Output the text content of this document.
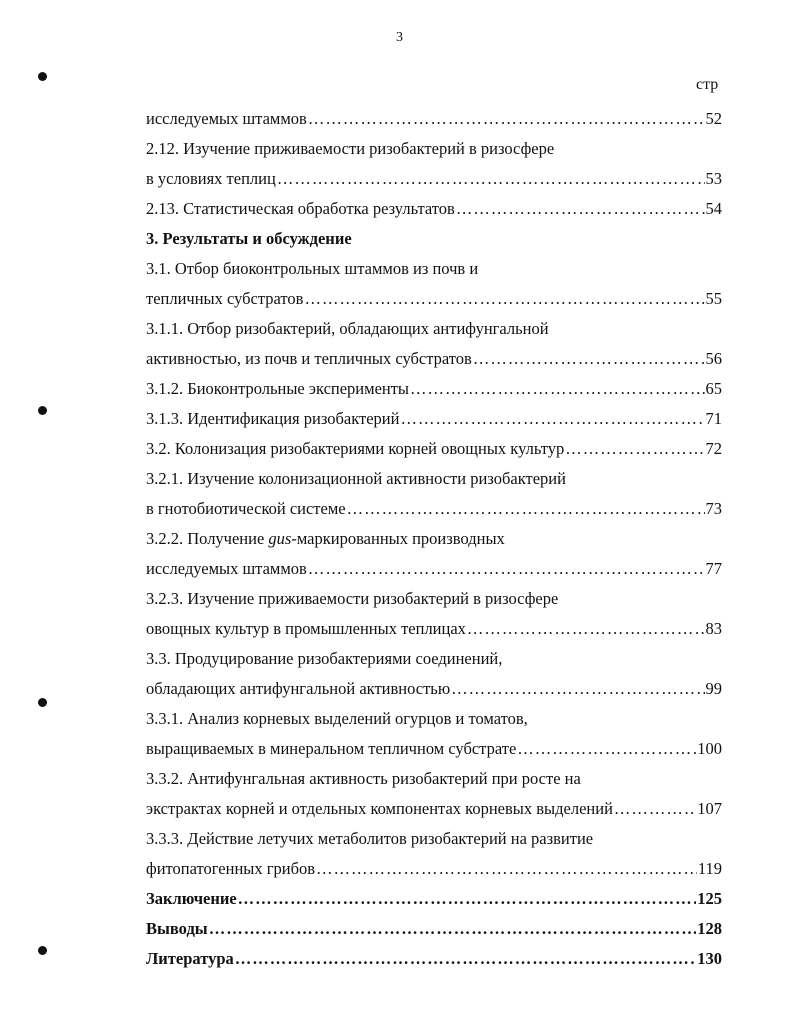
3
стр
исследуемых штаммов …………………………………………………………………………………………………………………………………………………………	52
2.12. Изучение приживаемости ризобактерий в ризосфере
в условиях теплиц …………………………………………………………………………………………………………………………………………………………	53
2.13. Статистическая обработка результатов …………………………………………………………………………………………………………………………………………………………	54
3. Результаты и обсуждение
3.1. Отбор биоконтрольных штаммов из почв и
тепличных субстратов …………………………………………………………………………………………………………………………………………………………	55
3.1.1. Отбор ризобактерий, обладающих антифунгальной
активностью, из почв и тепличных субстратов …………………………………………………………………………………………………………………………………………………………	56
3.1.2. Биоконтрольные эксперименты …………………………………………………………………………………………………………………………………………………………	65
3.1.3. Идентификация ризобактерий …………………………………………………………………………………………………………………………………………………………	71
3.2. Колонизация ризобактериями корней овощных культур …………………………………………………………………………………………………………………………………………………………	72
3.2.1. Изучение колонизационной активности ризобактерий
в гнотобиотической системе …………………………………………………………………………………………………………………………………………………………	73
3.2.2. Получение gus-маркированных производных
исследуемых штаммов …………………………………………………………………………………………………………………………………………………………	77
3.2.3. Изучение приживаемости ризобактерий в ризосфере
овощных культур в промышленных теплицах …………………………………………………………………………………………………………………………………………………………	83
3.3. Продуцирование ризобактериями соединений,
обладающих антифунгальной активностью …………………………………………………………………………………………………………………………………………………………	99
3.3.1. Анализ корневых выделений огурцов и томатов,
выращиваемых в минеральном тепличном субстрате …………………………………………………………………………………………………………………………………………………………	100
3.3.2. Антифунгальная активность ризобактерий при росте на
экстрактах корней и отдельных компонентах корневых выделений …………………………………………………………………………………………………………………………………………………………	107
3.3.3. Действие летучих метаболитов ризобактерий на развитие
фитопатогенных грибов …………………………………………………………………………………………………………………………………………………………	119
Заключение …………………………………………………………………………………………………………………………………………………………	125
Выводы …………………………………………………………………………………………………………………………………………………………	128
Литература …………………………………………………………………………………………………………………………………………………………	130
